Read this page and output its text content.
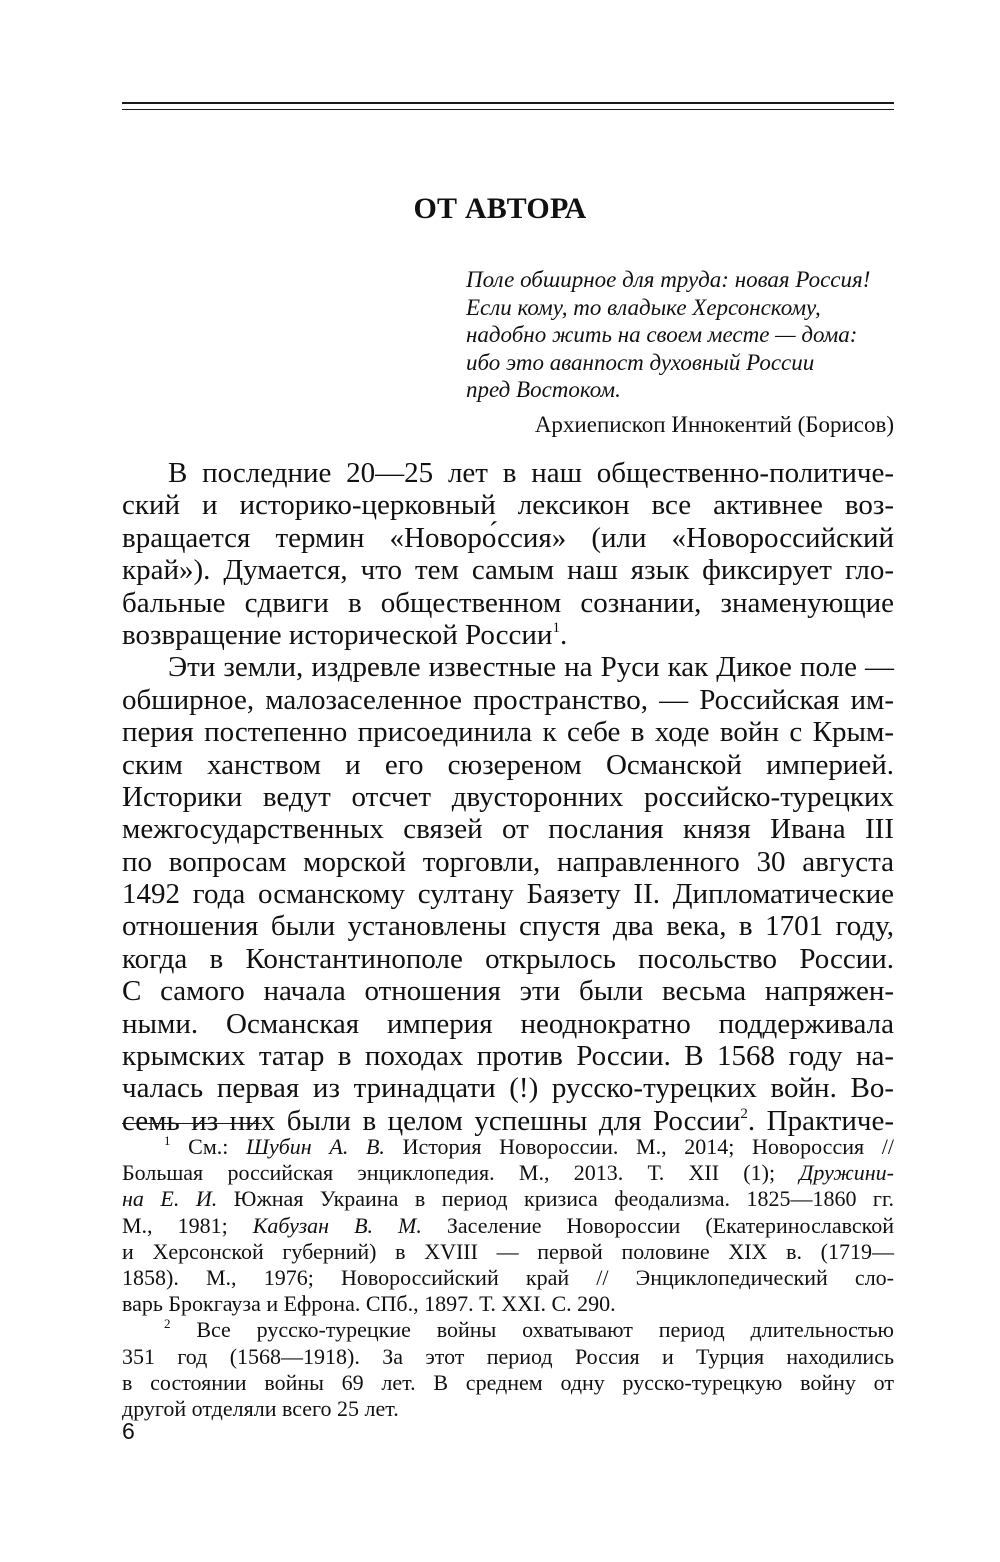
ОТ АВТОРА
Поле обширное для труда: новая Россия!
Если кому, то владыке Херсонскому,
надобно жить на своем месте — дома:
ибо это аванпост духовный России
пред Востоком.
Архиепископ Иннокентий (Борисов)
В последние 20—25 лет в наш общественно-политиче-
ский и историко-церковный лексикон все активнее воз-
вращается термин «Новоро́ссия» (или «Новороссийский
край»). Думается, что тем самым наш язык фиксирует гло-
бальные сдвиги в общественном сознании, знаменующие
возвращение исторической России$^1$.
Эти земли, издревле известные на Руси как Дикое поле —
обширное, малозаселенное пространство, — Российская им-
перия постепенно присоединила к себе в ходе войн с Крым-
ским ханством и его сюзереном Османской империей.
Историки ведут отсчет двусторонних российско-турецких
межгосударственных связей от послания князя Ивана III
по вопросам морской торговли, направленного 30 августа
1492 года османскому султану Баязету II. Дипломатические
отношения были установлены спустя два века, в 1701 году,
когда в Константинополе открылось посольство России.
С самого начала отношения эти были весьма напряжен-
ными. Османская империя неоднократно поддерживала
крымских татар в походах против России. В 1568 году на-
чалась первая из тринадцати (!) русско-турецких войн. Во-
семь из них были в целом успешны для России$^2$. Практиче-
$^1$ См.: Шубин А. В. История Новороссии. М., 2014; Новороссия //
Большая российская энциклопедия. М., 2013. Т. XII (1); Дружини-
на Е. И. Южная Украина в период кризиса феодализма. 1825—1860 гг.
М., 1981; Кабузан В. М. Заселение Новороссии (Екатеринославской
и Херсонской губерний) в XVIII — первой половине XIX в. (1719—
1858). М., 1976; Новороссийский край // Энциклопедический сло-
варь Брокгауза и Ефрона. СПб., 1897. Т. XXI. С. 290.
$^2$ Все русско-турецкие войны охватывают период длительностью
351 год (1568—1918). За этот период Россия и Турция находились
в состоянии войны 69 лет. В среднем одну русско-турецкую войну от
другой отделяли всего 25 лет.
6
